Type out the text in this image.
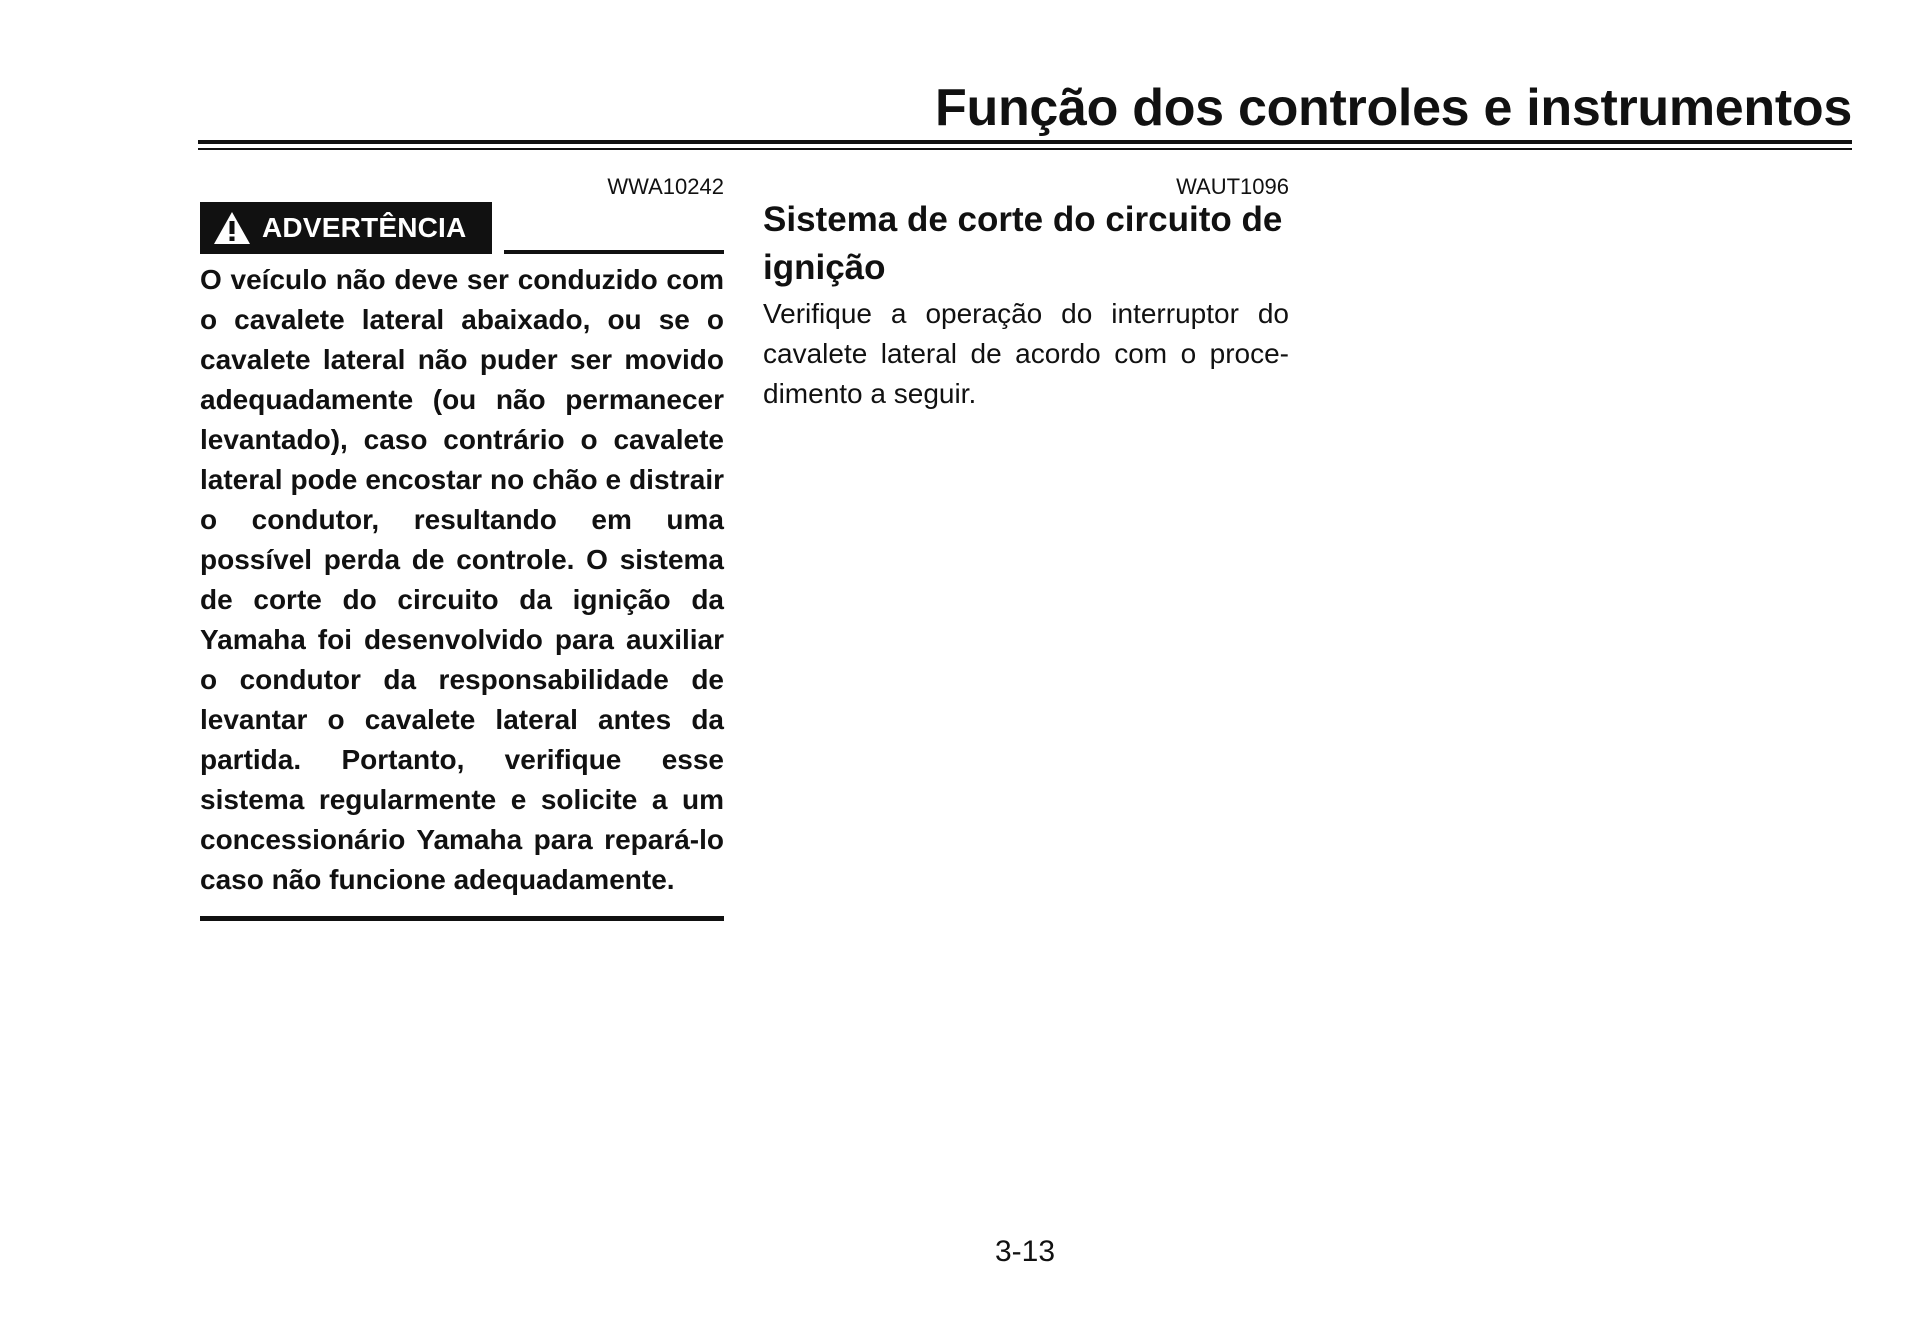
Função dos controles e instrumentos
WWA10242	WAUT1096
ADVERTÊNCIA

O veículo não deve ser conduzido com o cavalete lateral abaixado, ou se o cavalete lateral não puder ser movido adequadamente (ou não permanecer levantado), caso contrário o cavalete lateral pode encostar no chão e distrair o condutor, resultando em uma possível perda de controle. O sistema de corte do circuito da ignição da Yamaha foi desenvolvido para auxiliar o condutor da responsabilidade de levantar o cavalete lateral antes da partida. Portanto, verifique esse sistema regularmente e solicite a um concessionário Yamaha para repará-lo caso não funcione adequadamente.

Sistema de corte do circuito de ignição

Verifique a operação do interruptor do cavalete lateral de acordo com o procedimento a seguir.

3-13
